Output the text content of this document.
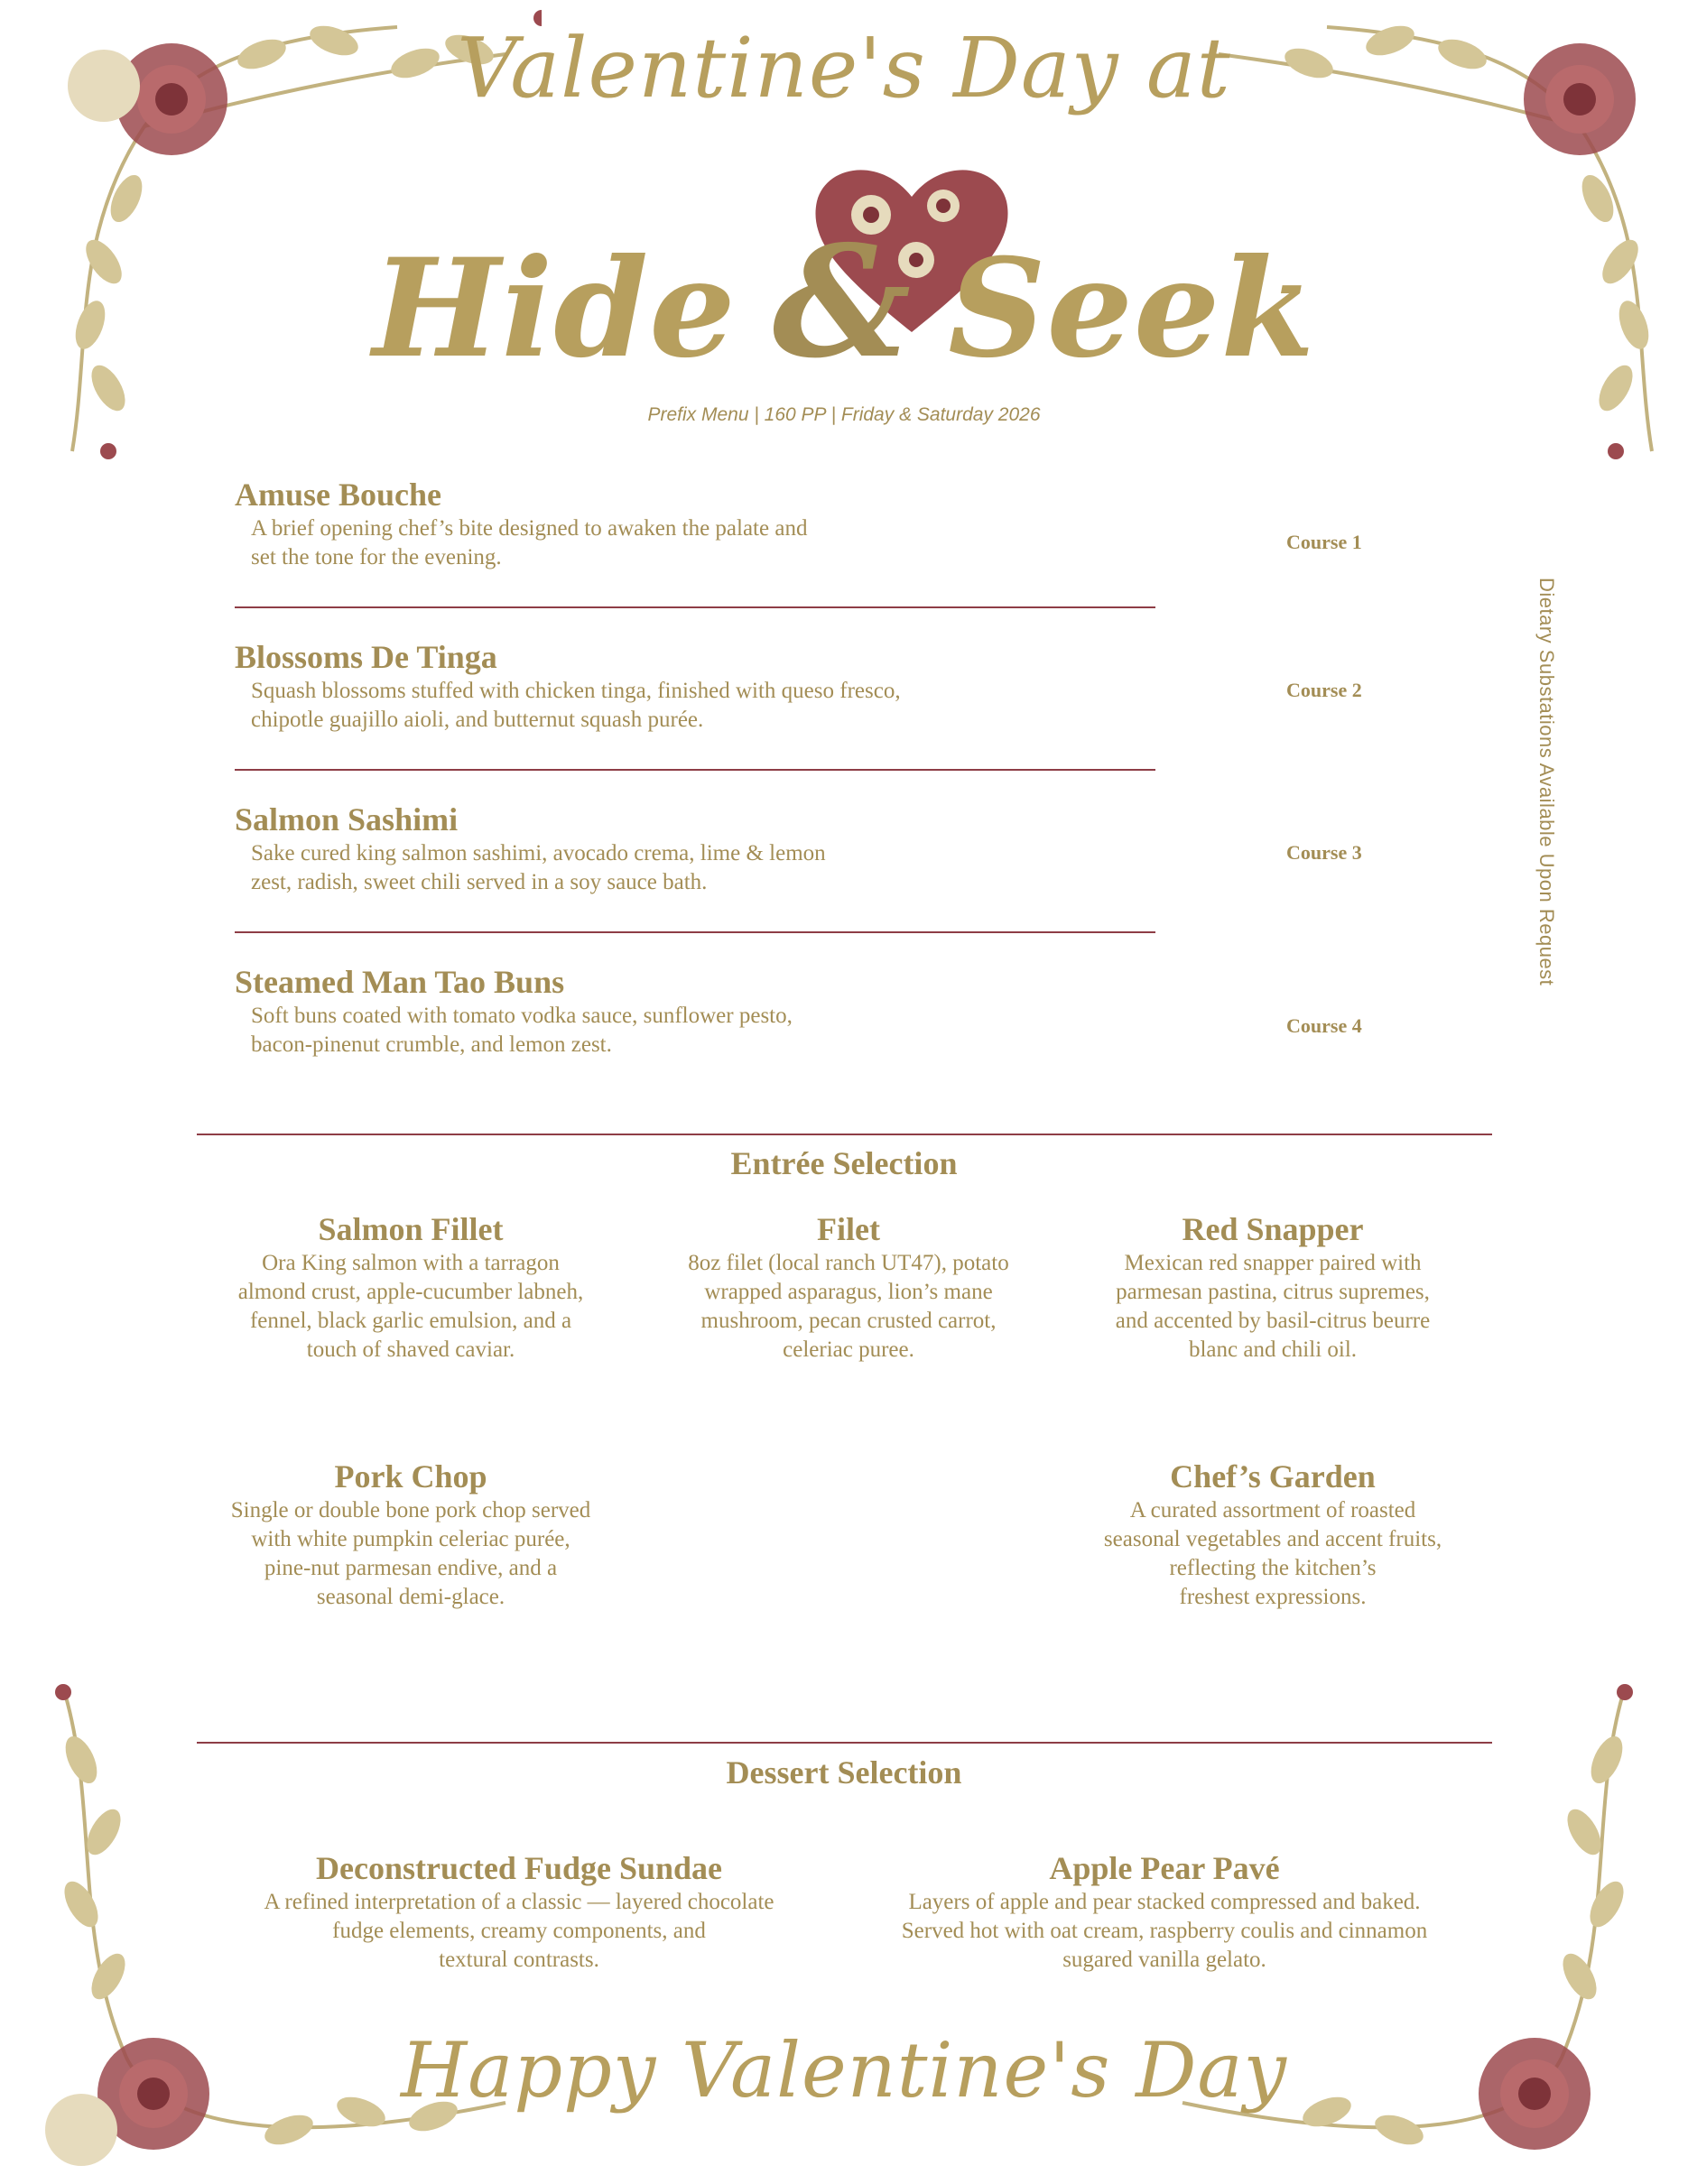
Valentine's Day at
Hide & Seek
Prefix Menu | 160 PP | Friday & Saturday 2026

Amuse Bouche

A brief opening chef’s bite designed to awaken the palate and
set the tone for the evening.

Course 1

Blossoms De Tinga

Squash blossoms stuffed with chicken tinga, finished with queso fresco,
chipotle guajillo aioli, and butternut squash purée.

Course 2

Salmon Sashimi

Sake cured king salmon sashimi, avocado crema, lime & lemon
zest, radish, sweet chili served in a soy sauce bath.

Course 3

Steamed Man Tao Buns

Soft buns coated with tomato vodka sauce, sunflower pesto,
bacon-pinenut crumble, and lemon zest.

Course 4
Dietary Substations Available Upon Request
Entrée Selection
Salmon Fillet
Ora King salmon with a tarragon
almond crust, apple-cucumber labneh,
fennel, black garlic emulsion, and a
touch of shaved caviar.
Filet
8oz filet (local ranch UT47), potato
wrapped asparagus, lion’s mane
mushroom, pecan crusted carrot,
celeriac puree.
Red Snapper
Mexican red snapper paired with
parmesan pastina, citrus supremes,
and accented by basil-citrus beurre
blanc and chili oil.
Pork Chop
Single or double bone pork chop served
with white pumpkin celeriac purée,
pine-nut parmesan endive, and a
seasonal demi-glace.
Chef’s Garden
A curated assortment of roasted
seasonal vegetables and accent fruits,
reflecting the kitchen’s
freshest expressions.
Dessert Selection
Deconstructed Fudge Sundae
A refined interpretation of a classic — layered chocolate
fudge elements, creamy components, and
textural contrasts.
Apple Pear Pavé
Layers of apple and pear stacked compressed and baked.
Served hot with oat cream, raspberry coulis and cinnamon
sugared vanilla gelato.
Happy Valentine's Day
